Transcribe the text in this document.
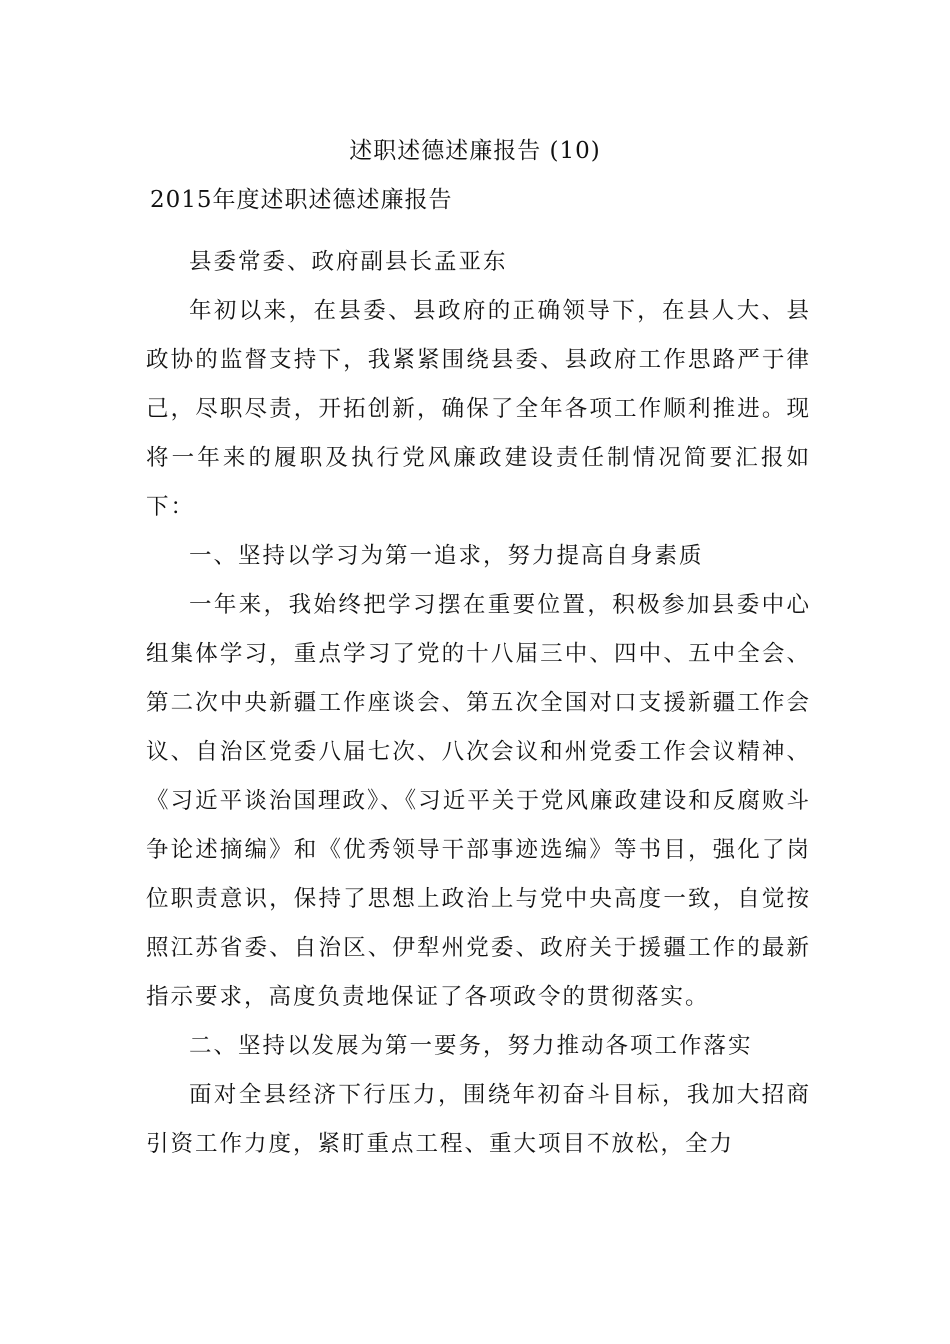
述职述德述廉报告 (10)
2015年度述职述德述廉报告

县委常委、政府副县长孟亚东

年初以来，在县委、县政府的正确领导下，在县人大、县政协的监督支持下，我紧紧围绕县委、县政府工作思路严于律己，尽职尽责，开拓创新，确保了全年各项工作顺利推进。现将一年来的履职及执行党风廉政建设责任制情况简要汇报如下：

一、坚持以学习为第一追求，努力提高自身素质

一年来，我始终把学习摆在重要位置，积极参加县委中心组集体学习，重点学习了党的十八届三中、四中、五中全会、第二次中央新疆工作座谈会、第五次全国对口支援新疆工作会议、自治区党委八届七次、八次会议和州党委工作会议精神、《习近平谈治国理政》、《习近平关于党风廉政建设和反腐败斗争论述摘编》和《优秀领导干部事迹选编》等书目，强化了岗位职责意识，保持了思想上政治上与党中央高度一致，自觉按照江苏省委、自治区、伊犁州党委、政府关于援疆工作的最新指示要求，高度负责地保证了各项政令的贯彻落实。

二、坚持以发展为第一要务，努力推动各项工作落实

面对全县经济下行压力，围绕年初奋斗目标，我加大招商引资工作力度，紧盯重点工程、重大项目不放松，全力
